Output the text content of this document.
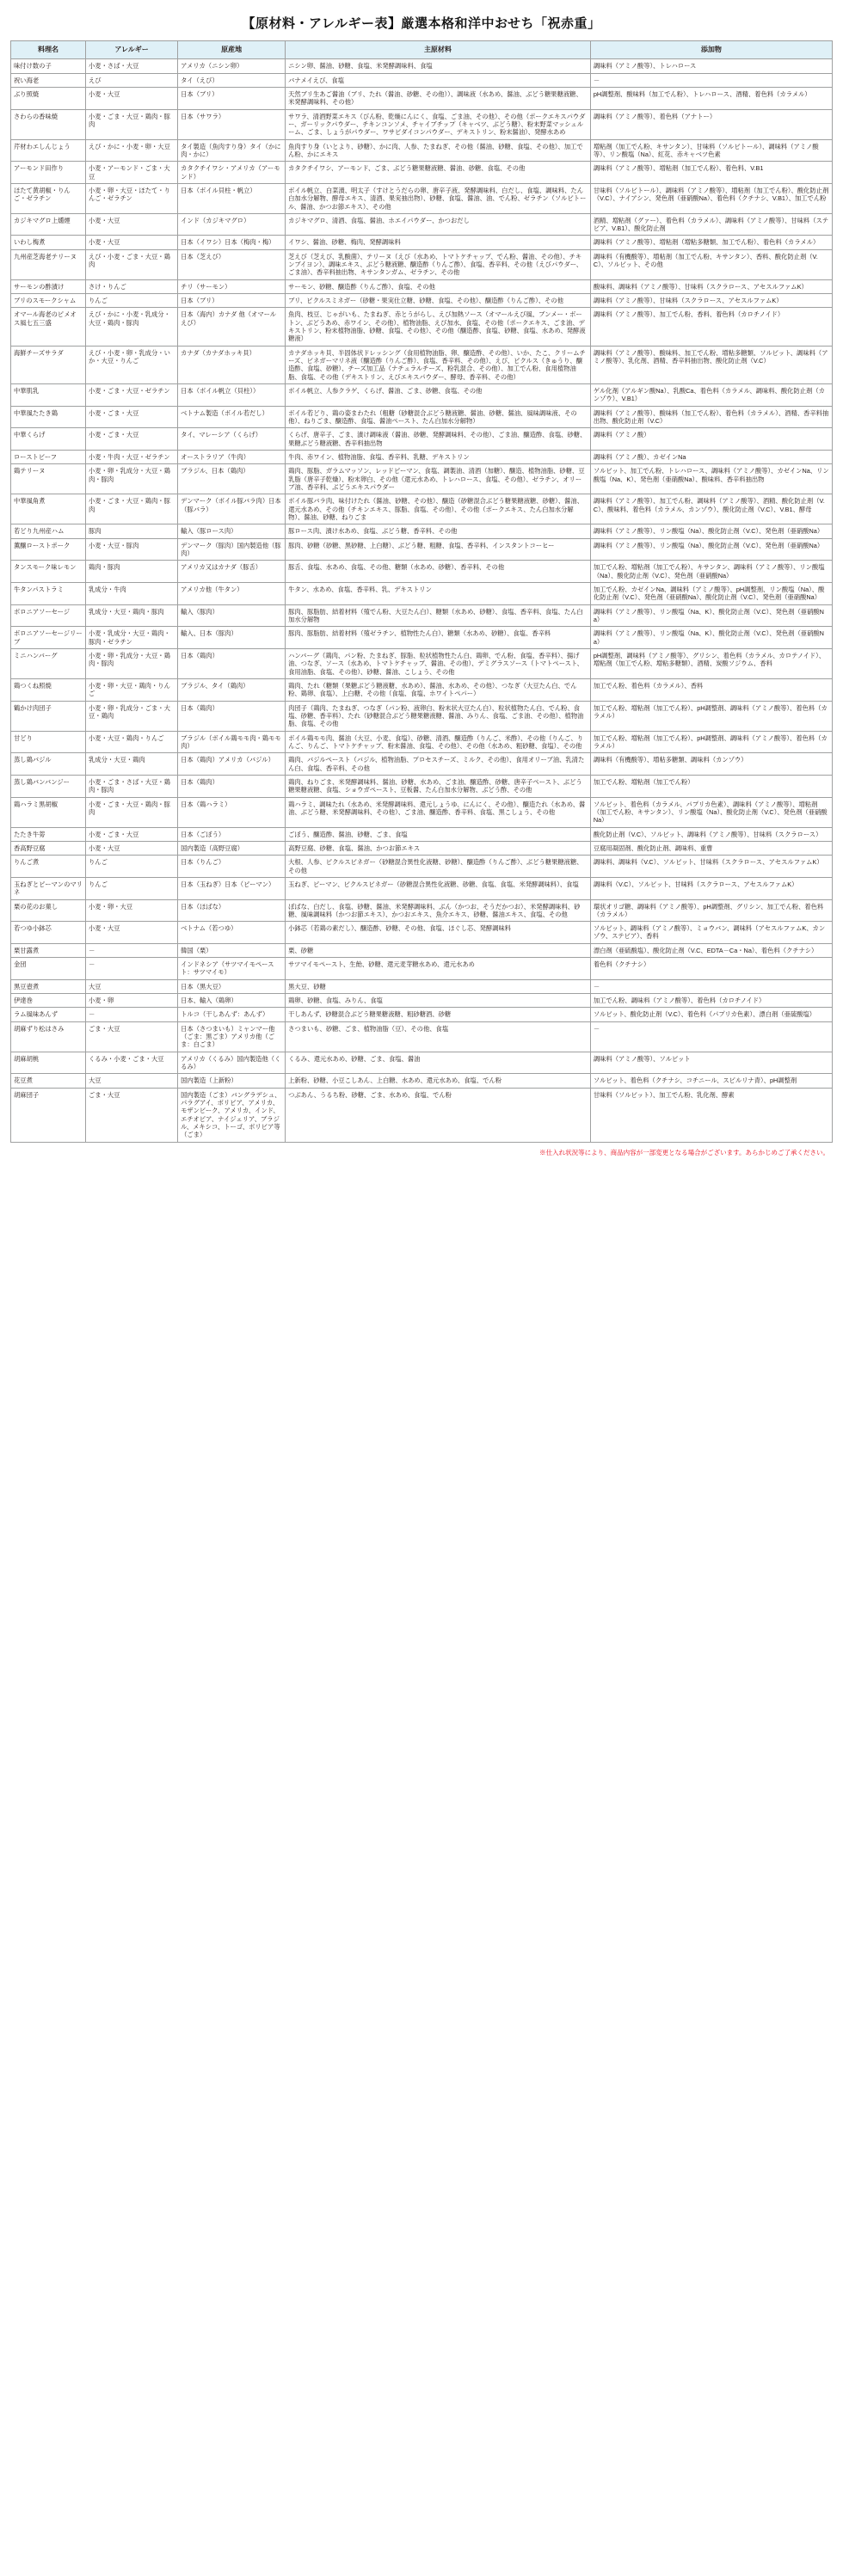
【原材料・アレルギー表】厳選本格和洋中おせち「祝赤重」
料理名	アレルギー	原産地	主原材料	添加物
味付け数の子	小麦・さば・大豆	アメリカ（ニシン卵）	ニシン卵、醤油、砂糖、食塩、米発酵調味料、食塩	調味料（アミノ酸等）、トレハロース
祝い海老	えび	タイ（えび）	バナメイえび、食塩	－
ぶり照焼	小麦・大豆	日本（ブリ）	天然ブリ生あご醤油（ブリ、たれ（醤油、砂糖、その他））、調味液（水あめ、醤油、ぶどう糖果糖液糖、米発酵調味料、その他）	pH調整剤、酸味料（加工でん粉）、トレハロース、酒精、着色料（カラメル）
さわらの香味焼	小麦・ごま・大豆・鶏肉・豚肉	日本（サワラ）	サワラ、清酒野菜エキス（びん粉、乾燥にんにく、食塩、ごま油、その他）、その他（ポークエキスパウダー、ガーリックパウダー、チキンコンソメ、チャイブチップ（キャベツ、ぶどう糖）、粉末野菜マッシュルーム、ごま、しょうがパウダー、ワサビダイコンパウダー、デキストリン、粉末醤油）、発酵水あめ	調味料（アミノ酸等）、着色料（アナトー）
芹材わエしんじょう	えび・かに・小麦・卵・大豆	タイ製造（魚肉すり身）タイ（かに肉・かに）	魚肉すり身（いとより、砂糖）、かに肉、人参、たまねぎ、その他（醤油、砂糖、食塩、その他）、加工でん粉、かにエキス	増粘剤（加工でん粉、キサンタン）、甘味料（ソルビトール）、調味料（アミノ酸等）、リン酸塩（Na）、紅花、赤キャベツ色素
アーモンド田作り	小麦・アーモンド・ごま・大豆	カタクチイワシ・アメリカ（アーモンド）	カタクチイワシ、アーモンド、ごま、ぶどう糖果糖液糖、醤油、砂糖、食塩、その他	調味料（アミノ酸等）、増粘剤（加工でん粉）、着色料、V.B1
ほたて黄胡椒・りんご・ゼラチン	小麦・卵・大豆・ほたて・りんご・ゼラチン	日本（ボイル貝柱・帆立）	ボイル帆立、白菜漬、明太子（すけとうだらの卵、唐辛子液、発酵調味料、白だし、食塩、調味料、たん白加水分解物、酵母エキス、清酒、果実抽出物）、砂糖、食塩、醤油、油、でん粉、ゼラチン（ソルビトール、醤油、かつお節エキス）、その他	甘味料（ソルビトール）、調味料（アミノ酸等）、増粘剤（加工でん粉）、酸化防止剤（V.C）、ナイアシン、発色剤（亜硝酸Na）、着色料（クチナシ、V.B1）、加工でん粉
カジキマグロ上燻煙	小麦・大豆	インド（カジキマグロ）	カジキマグロ、清酒、食塩、醤油、ホエイパウダー、かつおだし	酒精、増粘剤（グァー）、着色料（カラメル）、調味料（アミノ酸等）、甘味料（ステビア、V.B1）、酸化防止剤
いわし梅煮	小麦・大豆	日本（イワシ）日本（梅肉・梅）	イワシ、醤油、砂糖、梅肉、発酵調味料	調味料（アミノ酸等）、増粘剤（増粘多糖類、加工でん粉）、着色料（カラメル）
九州産芝海老テリーヌ	えび・小麦・ごま・大豆・鶏肉	日本（芝えび）	芝えび（芝えび、乳酸菌）、テリーヌ（えび（水あめ、トマトケチャップ、でん粉、醤油、その他）、チキンブイヨン）、調味エキス、ぶどう糖液糖、醸造酢（りんご酢）、食塩、香辛料、その他（えびパウダー、ごま油）、香辛料抽出物、キサンタンガム、ゼラチン、その他	調味料（有機酸等）、増粘剤（加工でん粉、キサンタン）、香料、酸化防止剤（V.C）、ソルビット、その他
サーモンの酢漬け	さけ・りんご	チリ（サーモン）	サーモン、砂糖、醸造酢（りんご酢）、食塩、その他	酸味料、調味料（アミノ酸等）、甘味料（スクラロース、アセスルファムK）
ブリのスモークシャム	りんご	日本（ブリ）	ブリ、ピクルスミネガー（砂糖・果実仕立糖、砂糖、食塩、その他）、醸造酢（りんご酢）、その他	調味料（アミノ酸等）、甘味料（スクラロース、アセスルファムK）
オマール海老のピメオス風七五三盛	えび・かに・小麦・乳成分・大豆・鶏肉・豚肉	日本（海内）カナダ 他（オマール えび）	魚肉、枝豆、じゃがいも、たまねぎ、赤とうがらし、えび加熱ソース（オマールえび風、ブンメー・ボートン、ぶどうあめ、赤ワイン、その他）、植物油脂、えび加水、食塩、その他（ポークエキス、ごま油、デキストリン、粉末植物油脂、砂糖、食塩、その他）、その他（醸造酢、食塩、砂糖、食塩、水あめ、発酵液糖液）	調味料（アミノ酸等）、加工でん粉、香料、着色料（カロチノイド）
海鮮チーズサラダ	えび・小麦・卵・乳成分・いか・大豆・りんご	カナダ（カナダホッキ貝）	カナダホッキ貝、半固体状ドレッシング（食用植物油脂、卵、醸造酢、その他）、いか、たこ、クリームチーズ、ビネガーマリネ液（醸造酢（りんご酢）、食塩、香辛料、その他）、えび、ピクルス（きゅうり、醸造酢、食塩、砂糖）、チーズ加工品（ナチュラルチーズ、粉乳混合、その他）、加工でん粉、食用植物油脂、食塩、その他（デキストリン、えびエキスパウダー、酵母、香辛料、その他）	調味料（アミノ酸等）、酸味料、加工でん粉、増粘多糖類、ソルビット、調味料（アミノ酸等）、乳化剤、酒精、香辛料抽出物、酸化防止剤（V.C）
中華肌乳	小麦・ごま・大豆・ゼラチン	日本（ボイル帆立（貝柱））	ボイル帆立、人参クラゲ、くらげ、醤油、ごま、砂糖、食塩、その他	ゲル化剤（アルギン酸Na）、乳酸Ca、着色料（カラメル、調味料、酸化防止剤（カンゾウ）、V.B1）
中華風たたき鶏	小麦・ごま・大豆	ベトナム製造（ボイル若だし）	ボイル若どり、鶏の姿まわたれ（粗糖（砂糖混合ぶどう糖液糖、醤油、砂糖、醤油、風味調味液、その他）、ねりごま、醸造酢、食塩、醤油ペースト、たん白加水分解物）	調味料（アミノ酸等）、酸味料（加工でん粉）、着色料（カラメル）、酒精、香辛料抽出物、酸化防止剤（V.C）
中華くらげ	小麦・ごま・大豆	タイ、マレーシア（くらげ）	くらげ、唐辛子、ごま、漬け調味液（醤油、砂糖、発酵調味料、その他）、ごま油、醸造酢、食塩、砂糖、果糖ぶどう糖液糖、香辛料抽出物	調味料（アミノ酸）
ローストビーフ	小麦・牛肉・大豆・ゼラチン	オーストラリア（牛肉）	牛肉、赤ワイン、植物油脂、食塩、香辛料、乳糖、デキストリン	調味料（アミノ酸）、カゼインNa
鶏テリーヌ	小麦・卵・乳成分・大豆・鶏肉・豚肉	ブラジル、日本（鶏肉）	鶏肉、豚脂、ガラムマッソン、レッドピーマン、食塩、調製油、清酒（加糖）、醸造、植物油脂、砂糖、豆乳脂（唐辛子乾燥）、粉末卵白、その他（還元水あめ、トレハロース、食塩、その他）、ゼラチン、オリーブ油、香辛料、ぶどうエキスパウダー	ソルビット、加工でん粉、トレハロース、調味料（アミノ酸等）、カゼインNa、リン酸塩（Na、K）、発色剤（亜硝酸Na）、酸味料、香辛料抽出物
中華風角煮	小麦・ごま・大豆・鶏肉・豚肉	デンマーク（ボイル豚バラ肉）日本（豚バラ）	ボイル豚バラ肉、味付けたれ（醤油、砂糖、その他）、醸造（砂糖混合ぶどう糖果糖液糖、砂糖）、醤油、還元水あめ、その他（チキンエキス、豚脂、食塩、その他）、その他（ポークエキス、たん白加水分解物）、醤油、砂糖、ねりごま	調味料（アミノ酸等）、加工でん粉、調味料（アミノ酸等）、酒精、酸化防止剤（V.C）、酸味料、着色料（カラメル、カンゾウ）、酸化防止剤（V.C）、V.B1、酵母
若どり九州産ハム	豚肉	輸入（豚ロース肉）	豚ロース肉、漬け水あめ、食塩、ぶどう糖、香辛料、その他	調味料（アミノ酸等）、リン酸塩（Na）、酸化防止剤（V.C）、発色剤（亜硝酸Na）
薫醸ローストポーク	小麦・大豆・豚肉	デンマーク（豚肉）国内製造他（豚肉）	豚肉、砂糖（砂糖、黒砂糖、上白糖）、ぶどう糖、粗糖、食塩、香辛料、インスタントコーヒー	調味料（アミノ酸等）、リン酸塩（Na）、酸化防止剤（V.C）、発色剤（亜硝酸Na）
タンスモーク味レモン	鶏肉・豚肉	アメリカ又はカナダ（豚舌）	豚舌、食塩、水あめ、食塩、その他、糖類（水あめ、砂糖）、香辛料、その他	加工でん粉、増粘剤（加工でん粉）、キサンタン、調味料（アミノ酸等）、リン酸塩（Na）、酸化防止剤（V.C）、発色剤（亜硝酸Na）
牛タンパストラミ	乳成分・牛肉	アメリカ他（牛タン）	牛タン、水あめ、食塩、香辛料、乳、デキストリン	加工でん粉、カゼインNa、調味料（アミノ酸等）、pH調整剤、リン酸塩（Na）、酸化防止剤（V.C）、発色剤（亜硝酸Na）、酸化防止剤（V.C）、発色剤（亜硝酸Na）
ボロニアソーセージ	乳成分・大豆・鶏肉・豚肉	輸入（豚肉）	豚肉、豚脂肪、結着材料（殖でん粉、大豆たん白）、糖類（水あめ、砂糖）、食塩、香辛料、食塩、たん白加水分解物	調味料（アミノ酸等）、リン酸塩（Na、K）、酸化防止剤（V.C）、発色剤（亜硝酸Na）
ボロニアソーセージリーブ	小麦・乳成分・大豆・鶏肉・豚肉・ゼラチン	輸入、日本（豚肉）	豚肉、豚脂肪、結着材料（殖ゼラチン、植物性たん白）、糖類（水あめ、砂糖）、食塩、香辛料	調味料（アミノ酸等）、リン酸塩（Na、K）、酸化防止剤（V.C）、発色剤（亜硝酸Na）
ミニハンバーグ	小麦・卵・乳成分・大豆・鶏肉・豚肉	日本（鶏肉）	ハンバーグ（鶏肉、パン粉、たまねぎ、豚脂、粒状植物性たん白、鶏卵、でん粉、食塩、香辛料）、揚げ油、つなぎ、ソース（水あめ、トマトケチャップ、醤油、その他）、デミグラスソース（トマトペースト、食用油脂、食塩、その他）、砂糖、醤油、こしょう、その他	pH調整剤、調味料（アミノ酸等）、グリシン、着色料（カラメル、カロテノイド）、増粘剤（加工でん粉、増粘多糖類）、酒精、炭酸ソジウム、香料
鶏つくね照焼	小麦・卵・大豆・鶏肉・りんご	ブラジル、タイ（鶏肉）	鶏肉、たれ（糖類（果糖ぶどう糖液糖、水あめ）、醤油、水あめ、その他）、つなぎ（大豆たん白、でん粉、鶏卵、食塩）、上白糖、その他（食塩、食塩、ホワイトペパー）	加工でん粉、着色料（カラメル）、香料
鶴かけ肉団子	小麦・卵・乳成分・ごま・大豆・鶏肉	日本（鶏肉）	肉団子（鶏肉、たまねぎ、つなぎ（パン粉、液卵白、粉末状大豆たん白）、粒状植物たん白、でん粉、食塩、砂糖、香辛料）、たれ（砂糖混合ぶどう糖果糖液糖、醤油、みりん、食塩、ごま油、その他）、植物油脂、食塩、その他	加工でん粉、増粘剤（加工でん粉）、pH調整剤、調味料（アミノ酸等）、着色料（カラメル）
甘どり	小麦・大豆・鶏肉・りんご	ブラジル（ボイル鶏モモ肉・鶏モモ肉）	ボイル鶏モモ肉、醤油（大豆、小麦、食塩）、砂糖、清酒、醸造酢（りんご、米酢）、その他（りんご、りんご、りんご、トマトケチャップ、粉末醤油、食塩、その他）、その他（水あめ、粗砂糖、食塩）、その他	加工でん粉、増粘剤（加工でん粉）、pH調整剤、調味料（アミノ酸等）、着色料（カラメル）
蒸し鶏バジル	乳成分・大豆・鶏肉	日本（鶏肉）アメリカ（バジル）	鶏肉、バジルペースト（バジル、植物油脂、プロセスチーズ、ミルク、その他）、食用オリーブ油、乳清たん白、食塩、香辛料、その他	調味料（有機酸等）、増粘多糖類、調味料（カンゾウ）
蒸し鶏バンバンジー	小麦・ごま・さば・大豆・鶏肉・豚肉	日本（鶏肉）	鶏肉、ねりごま、米発酵調味料、醤油、砂糖、水あめ、ごま油、醸造酢、砂糖、唐辛子ペースト、ぶどう糖果糖液糖、食塩、ショウガペースト、豆板醤、たん白加水分解物、ぶどう酢、その他	加工でん粉、増粘剤（加工でん粉）
鶏ハラミ黒胡椒	小麦・ごま・大豆・鶏肉・豚肉	日本（鶏ハラミ）	鶏ハラミ、調味たれ（水あめ、米発酵調味料、還元しょうゆ、にんにく、その他）、醸造たれ（水あめ、醤油、ぶどう糖、米発酵調味料、その他）、ごま油、醸造酢、香辛料、食塩、黒こしょう、その他	ソルビット、着色料（カラメル、パプリカ色素）、調味料（アミノ酸等）、増粘剤（加工でん粉、キサンタン）、リン酸塩（Na）、酸化防止剤（V.C）、発色剤（亜硝酸Na）
たたき牛蒡	小麦・ごま・大豆	日本（ごぼう）	ごぼう、醸造酢、醤油、砂糖、ごま、食塩	酸化防止剤（V.C）、ソルビット、調味料（アミノ酸等）、甘味料（スクラロース）
香高野豆腐	小麦・大豆	国内製造（高野豆腐）	高野豆腐、砂糖、食塩、醤油、かつお節エキス	豆腐用凝固剤、酸化防止剤、調味料、重曹
りんご煮	りんご	日本（りんご）	大根、人参、ピクルスビネガー（砂糖混合異性化液糖、砂糖）、醸造酢（りんご酢）、ぶどう糖果糖液糖、その他	調味料、調味料（V.C）、ソルビット、甘味料（スクラロース、アセスルファムK）
玉ねぎとピーマンのマリネ	りんご	日本（玉ねぎ）日本（ピーマン）	玉ねぎ、ピーマン、ビクルスビネガー（砂糖混合異性化液糖、砂糖、食塩、食塩、米発酵調味料）、食塩	調味料（V.C）、ソルビット、甘味料（スクラロース、アセスルファムK）
栗の花のお菓し	小麦・卵・大豆	日本（ほばな）	ぼばな、白だし、食塩、砂糖、醤油、米発酵調味料、ぶん（かつお、そうだかつお）、米発酵調味料、砂糖、風味調味料（かつお節エキス）、かつおエキス、魚介エキス、砂糖、醤油エキス、食塩、その他	環状オリゴ糖、調味料（アミノ酸等）、pH調整剤、グリシン、加工でん粉、着色料（カラメル）
若つゆ小鉢芯	小麦・大豆	ベトナム（若つゆ）	小鉢芯（若鶏の素だし）、醸造酢、砂糖、その他、食塩、ほぐし芯、発酵調味料	ソルビット、調味料（アミノ酸等）、ミョウバン、調味料（アセスルファムK、カンゾウ、ステビア）、香料
栗甘露煮	－	韓国（栗）	栗、砂糖	漂白剤（亜硫酸塩）、酸化防止剤（V.C、EDTA－Ca・Na）、着色料（クチナシ）
金団	－	インドネシア（サツマイモペースト：サツマイモ）	サツマイモペースト、生飴、砂糖、還元麦芽糖水あめ、還元水あめ	着色料（クチナシ）
黒豆壺煮	大豆	日本（黒大豆）	黒大豆、砂糖	－
伊達巻	小麦・卵	日本、輸入（鶏卵）	鶏卵、砂糖、食塩、みりん、食塩	加工でん粉、調味料（アミノ酸等）、着色料（カロチノイド）
ラム風味あんず	－	トルコ（干しあんず：あんず）	干しあんず、砂糖混合ぶどう糖果糖液糖、粗砂糖酒、砂糖	ソルビット、酸化防止剤（V.C）、着色料（パプリカ色素）、漂白剤（亜硫酸塩）
胡麻ずり松はさみ	ごま・大豆	日本（さつまいも）ミャンマー他（ごま：黒ごま）アメリカ他（ごま：白ごま）	さつまいも、砂糖、ごま、植物油脂（豆）、その他、食塩	－
胡麻胡桃	くるみ・小麦・ごま・大豆	アメリカ（くるみ）国内製造他（くるみ）	くるみ、還元水あめ、砂糖、ごま、食塩、醤油	調味料（アミノ酸等）、ソルビット
花豆煮	大豆	国内製造（上新粉）	上新粉、砂糖、小豆こしあん、上白糖、水あめ、還元水あめ、食塩、でん粉	ソルビット、着色料（クチナシ、コチニール、スピルリナ青）、pH調整剤
胡麻団子	ごま・大豆	国内製造（ごま）バングラデシュ、パラグアイ、ボリビア、アメリカ、モザンビーク、アメリカ、インド、エチオピア、ナイジェリア、ブラジル、メキシコ、トーゴ、ボリビア等（ごま）	つぶあん、うるち粉、砂糖、ごま、水あめ、食塩、でん粉	甘味料（ソルビット）、加工でん粉、乳化剤、酵素
※仕入れ状況等により、商品内容が一部変更となる場合がございます。あらかじめご了承ください。
